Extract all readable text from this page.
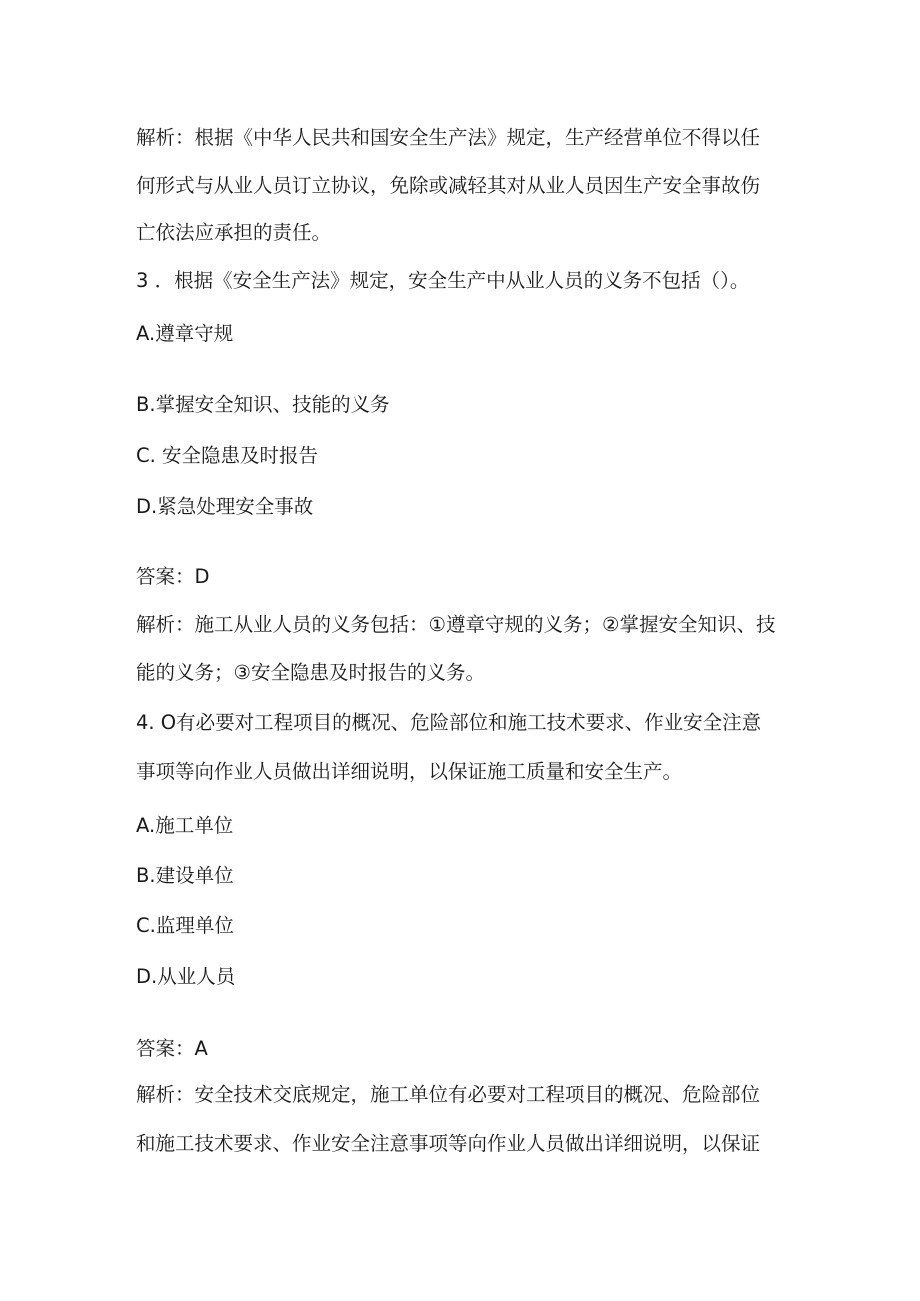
解析：根据《中华人民共和国安全生产法》规定，生产经营单位不得以任
何形式与从业人员订立协议，免除或减轻其对从业人员因生产安全事故伤
亡依法应承担的责任。
3 ．根据《安全生产法》规定，安全生产中从业人员的义务不包括（）。
A.遵章守规
B.掌握安全知识、技能的义务
C. 安全隐患及时报告
D.紧急处理安全事故
答案：D
解析：施工从业人员的义务包括：①遵章守规的义务；②掌握安全知识、技
能的义务；③安全隐患及时报告的义务。
4. O有必要对工程项目的概况、危险部位和施工技术要求、作业安全注意
事项等向作业人员做出详细说明，以保证施工质量和安全生产。
A.施工单位
B.建设单位
C.监理单位
D.从业人员
答案：A
解析：安全技术交底规定，施工单位有必要对工程项目的概况、危险部位
和施工技术要求、作业安全注意事项等向作业人员做出详细说明，以保证
